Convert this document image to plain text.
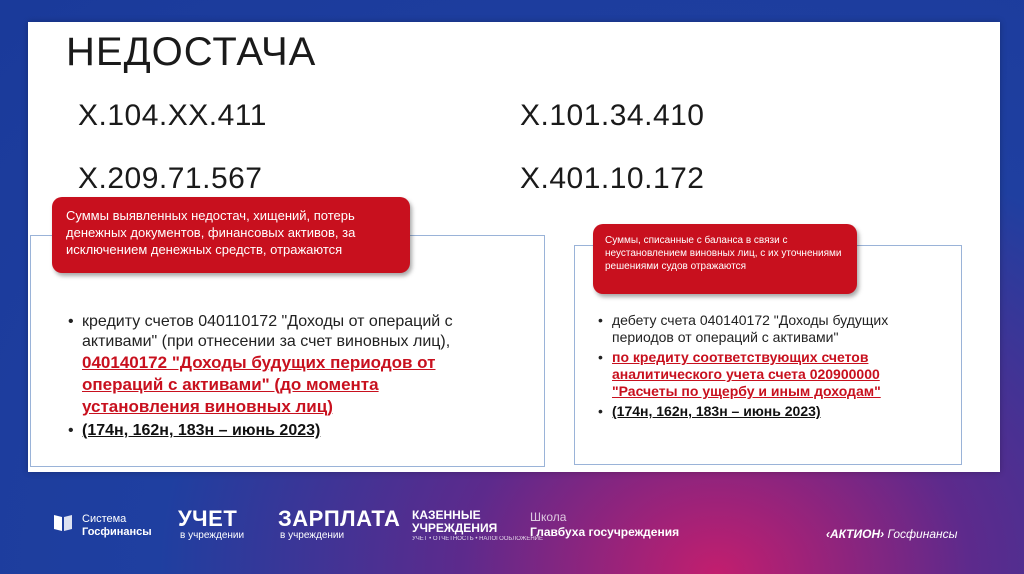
НЕДОСТАЧА
Х.104.ХХ.411	Х.101.34.410
Х.209.71.567	Х.401.10.172
Суммы выявленных недостач, хищений, потерь денежных документов, финансовых активов, за исключением денежных средств, отражаются
Суммы, списанные с баланса в связи с неустановлением виновных лиц, с их уточнениями решениями судов отражаются
• кредиту счетов 040110172 "Доходы от операций с активами" (при отнесении за счет виновных лиц), 040140172 "Доходы будущих периодов от операций с активами" (до момента установления виновных лиц)
• (174н, 162н, 183н – июнь 2023)
• дебету счета 040140172 "Доходы будущих периодов от операций с активами"
• по кредиту соответствующих счетов аналитического учета счета 020900000 "Расчеты по ущербу и иным доходам"
• (174н, 162н, 183н – июнь 2023)
Система
Госфинансы
УЧЕТ
в учреждении
ЗАРПЛАТА
в учреждении
КАЗЕННЫЕ
УЧРЕЖДЕНИЯ
УЧЕТ • ОТЧЕТНОСТЬ • НАЛОГООБЛОЖЕНИЕ
Школа
Главбуха госучреждения	‹АКТИОН› Госфинансы
